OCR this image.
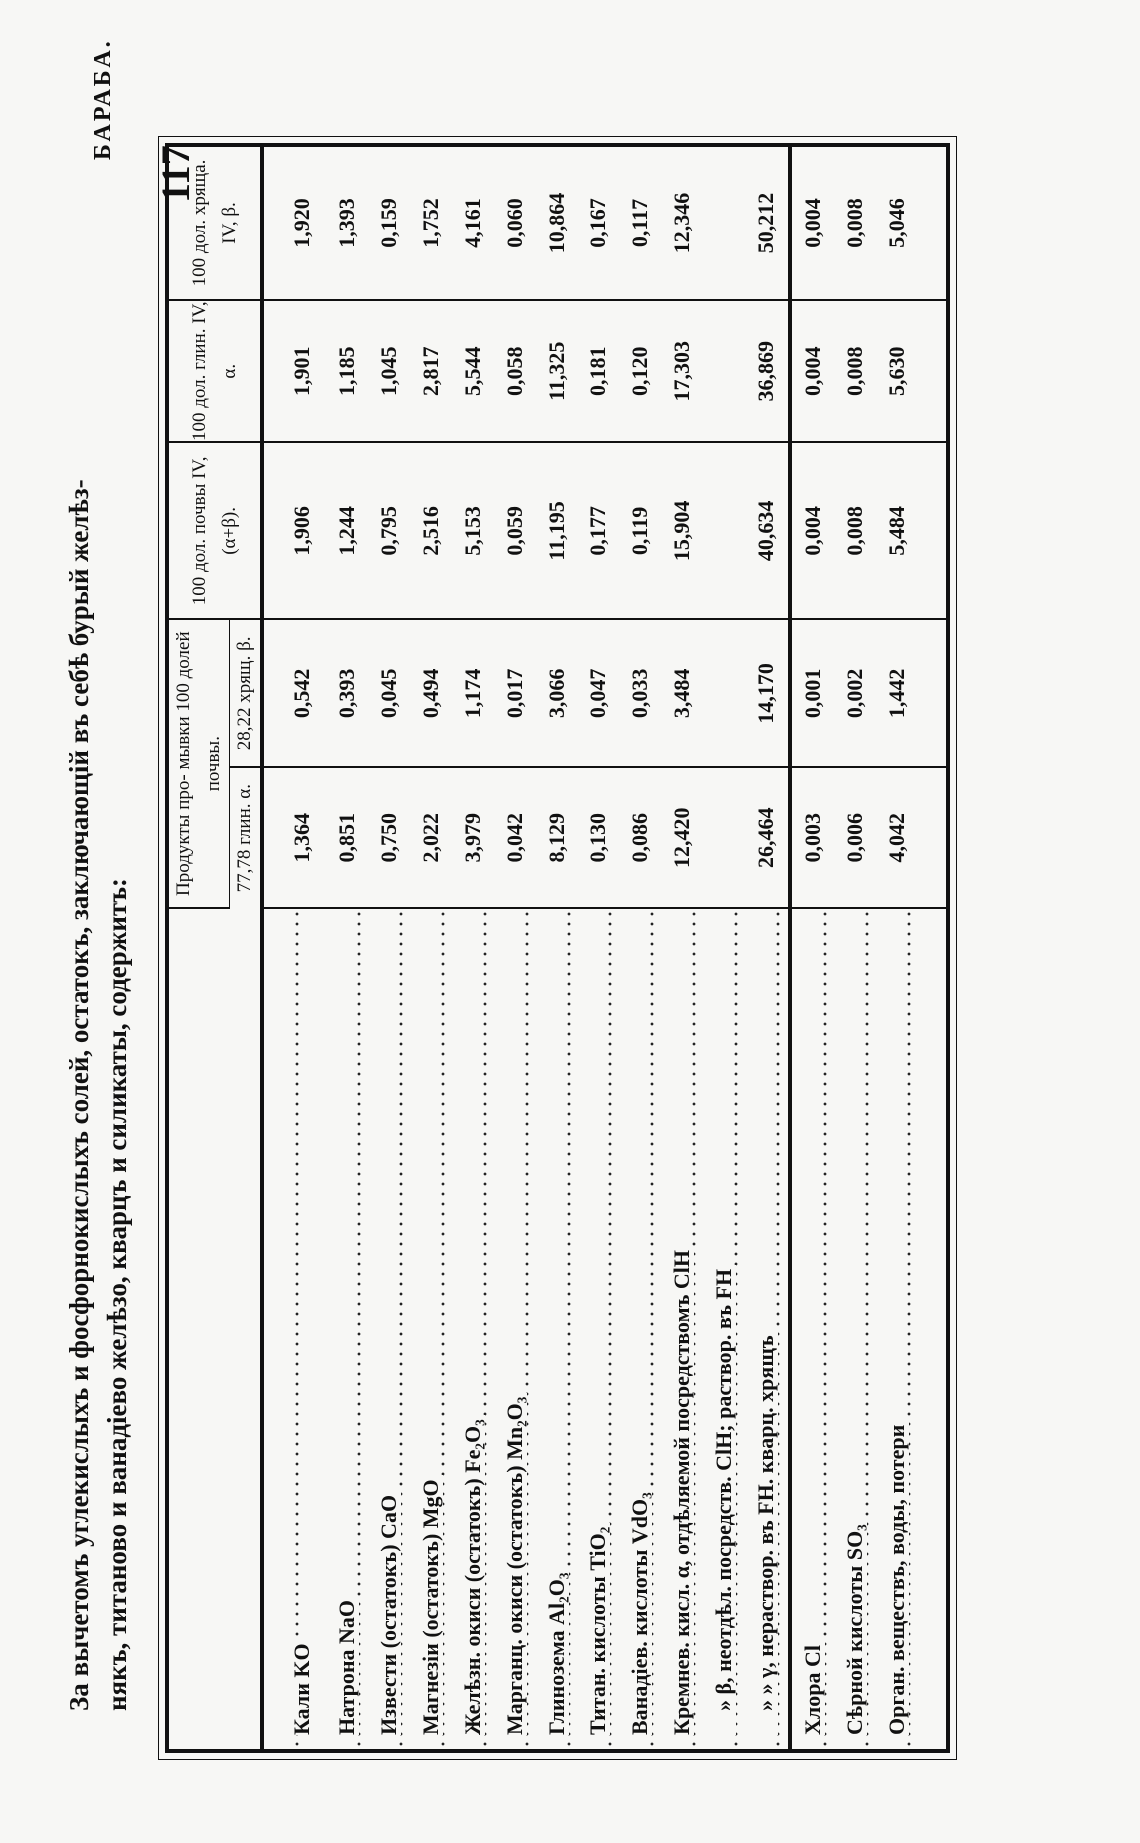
БАРАБА.
117

За вычетомъ углекислыхъ и фосфорнокислыхъ солей, остатокъ, заключающій въ себѣ бурый желѣз- някъ, титаново и ванадіево желѣзо, кварцъ и силикаты, содержитъ:

	Продукты про- мывки 100 долей почвы.		100 дол. почвы IV, (α+β).	100 дол. глин. IV, α.	100 дол. хряща. IV, β.
	77,78 глин. α.	28,22 хрящ. β.			
Кали KO	1,364	0,542	1,906	1,901	1,920
Натрона NaO	0,851	0,393	1,244	1,185	1,393
Извести (остатокъ) CaO	0,750	0,045	0,795	1,045	0,159
Магнезіи (остатокъ) MgO	2,022	0,494	2,516	2,817	1,752
Желѣзн. окиси (остатокъ) Fe₂O₃	3,979	1,174	5,153	5,544	4,161
Марганц. окиси (остатокъ) Mn₂O₃	0,042	0,017	0,059	0,058	0,060
Глинозема Al₂O₃	8,129	3,066	11,195	11,325	10,864
Титан. кислоты TiO₂	0,130	0,047	0,177	0,181	0,167
Ванадіев. кислоты VdO₃	0,086	0,033	0,119	0,120	0,117
Кремнев. кисл. α, отдѣляемой посредствомъ ClH	12,420	3,484	15,904	17,303	12,346
» β, неотдѣл. посредств. ClH; раствор. въ FH					
» » γ, нераствор. въ FH. кварц. хрящъ	26,464	14,170	40,634	36,869	50,212
Хлора Cl	0,003	0,001	0,004	0,004	0,004
Сѣрной кислоты SO₃	0,006	0,002	0,008	0,008	0,008
Орган. веществъ, воды, потери	4,042	1,442	5,484	5,630	5,046
